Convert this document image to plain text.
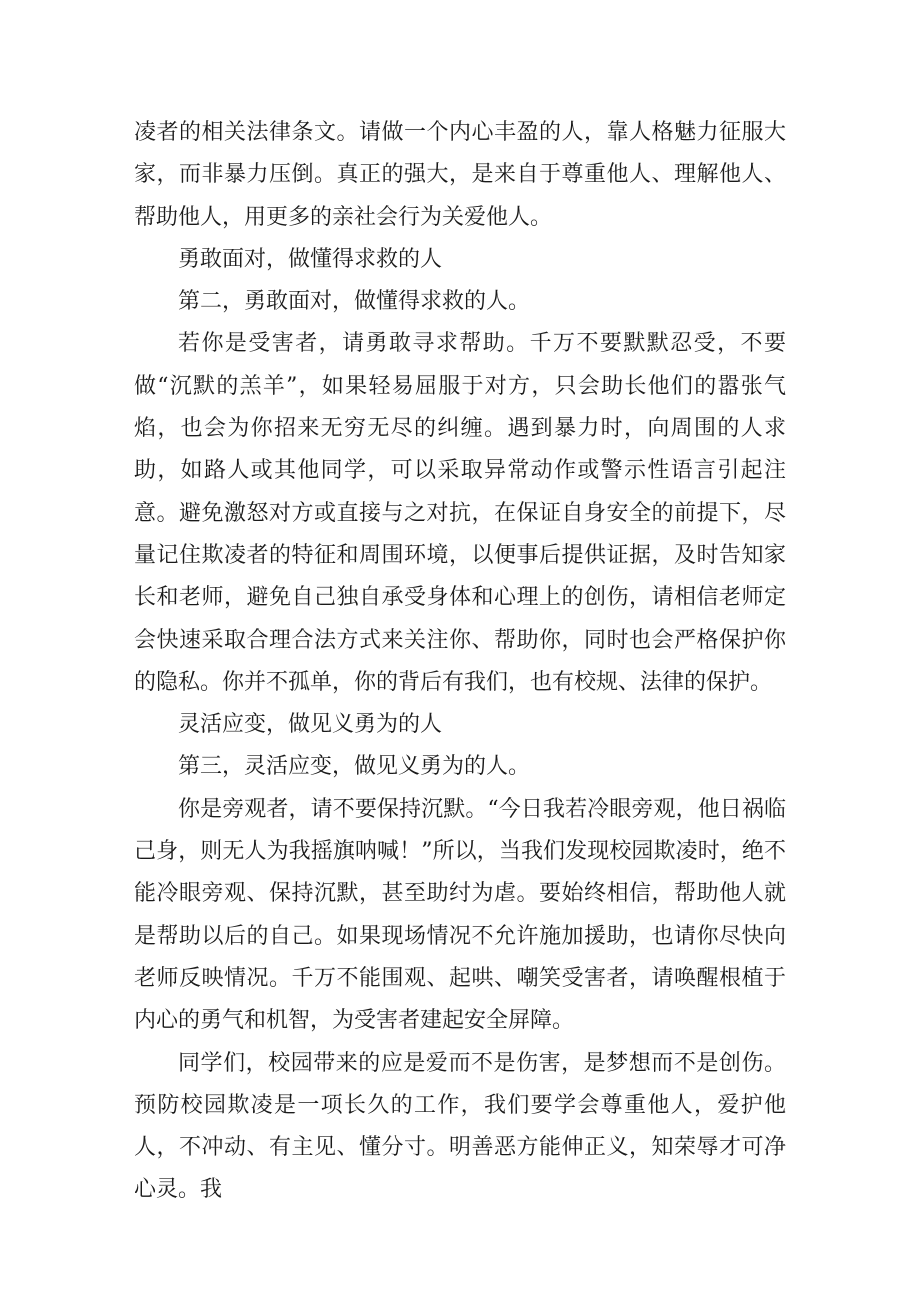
凌者的相关法律条文。请做一个内心丰盈的人，靠人格魅力征服大家，而非暴力压倒。真正的强大，是来自于尊重他人、理解他人、帮助他人，用更多的亲社会行为关爱他人。

勇敢面对，做懂得求救的人

第二，勇敢面对，做懂得求救的人。

若你是受害者，请勇敢寻求帮助。千万不要默默忍受，不要做“沉默的羔羊”，如果轻易屈服于对方，只会助长他们的嚣张气焰，也会为你招来无穷无尽的纠缠。遇到暴力时，向周围的人求助，如路人或其他同学，可以采取异常动作或警示性语言引起注意。避免激怒对方或直接与之对抗，在保证自身安全的前提下，尽量记住欺凌者的特征和周围环境，以便事后提供证据，及时告知家长和老师，避免自己独自承受身体和心理上的创伤，请相信老师定会快速采取合理合法方式来关注你、帮助你，同时也会严格保护你的隐私。你并不孤单，你的背后有我们，也有校规、法律的保护。

灵活应变，做见义勇为的人

第三，灵活应变，做见义勇为的人。

你是旁观者，请不要保持沉默。“今日我若冷眼旁观，他日祸临己身，则无人为我摇旗呐喊！”所以，当我们发现校园欺凌时，绝不能冷眼旁观、保持沉默，甚至助纣为虐。要始终相信，帮助他人就是帮助以后的自己。如果现场情况不允许施加援助，也请你尽快向老师反映情况。千万不能围观、起哄、嘲笑受害者，请唤醒根植于内心的勇气和机智，为受害者建起安全屏障。

同学们，校园带来的应是爱而不是伤害，是梦想而不是创伤。预防校园欺凌是一项长久的工作，我们要学会尊重他人，爱护他人，不冲动、有主见、懂分寸。明善恶方能伸正义，知荣辱才可净心灵。我
